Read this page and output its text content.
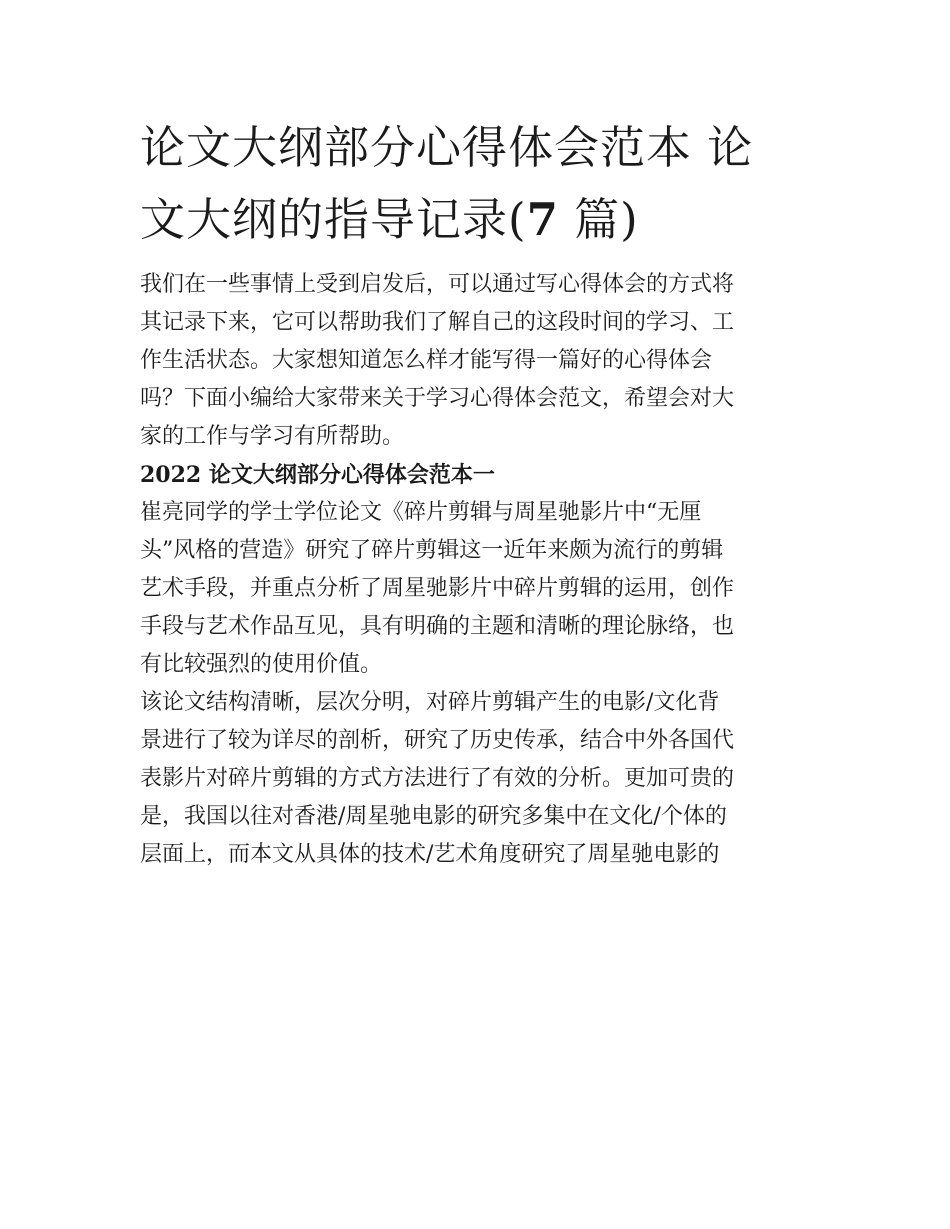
论文大纲部分心得体会范本 论
文大纲的指导记录(7 篇)

我们在一些事情上受到启发后，可以通过写心得体会的方式将
其记录下来，它可以帮助我们了解自己的这段时间的学习、工
作生活状态。大家想知道怎么样才能写得一篇好的心得体会
吗？下面小编给大家带来关于学习心得体会范文，希望会对大
家的工作与学习有所帮助。

2022 论文大纲部分心得体会范本一

崔亮同学的学士学位论文《碎片剪辑与周星驰影片中“无厘
头”风格的营造》研究了碎片剪辑这一近年来颇为流行的剪辑
艺术手段，并重点分析了周星驰影片中碎片剪辑的运用，创作
手段与艺术作品互见，具有明确的主题和清晰的理论脉络，也
有比较强烈的使用价值。

该论文结构清晰，层次分明，对碎片剪辑产生的电影/文化背
景进行了较为详尽的剖析，研究了历史传承，结合中外各国代
表影片对碎片剪辑的方式方法进行了有效的分析。更加可贵的
是，我国以往对香港/周星驰电影的研究多集中在文化/个体的
层面上，而本文从具体的技术/艺术角度研究了周星驰电影的
